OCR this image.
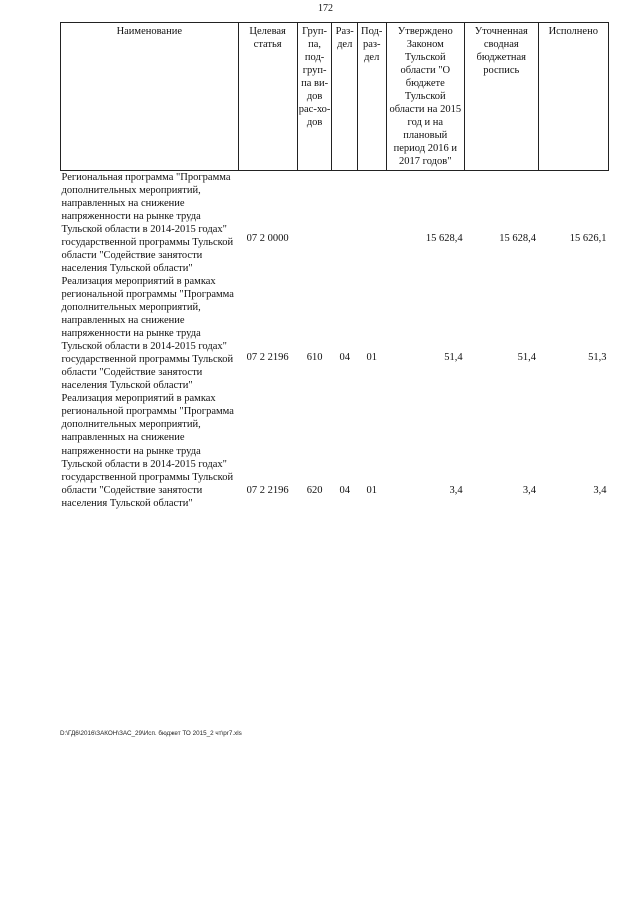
172
Наименование	Целевая статья	Груп-па, под-груп-па ви-дов рас-хо-дов	Раз-дел	Под-раз-дел	Утверждено Законом Тульской области "О бюджете Тульской области на 2015 год и на плановый период 2016 и 2017 годов"	Уточненная сводная бюджетная роспись	Исполнено
Региональная программа "Программа дополнительных мероприятий, направленных на снижение напряженности на рынке труда Тульской области в 2014-2015 годах" государственной программы Тульской области "Содействие занятости населения Тульской области"	07 2 0000				15 628,4	15 628,4	15 626,1
Реализация мероприятий в рамках региональной программы "Программа дополнительных мероприятий, направленных на снижение напряженности на рынке труда Тульской области в 2014-2015 годах" государственной программы Тульской области "Содействие занятости населения Тульской области"	07 2 2196	610	04	01	51,4	51,4	51,3
Реализация мероприятий в рамках региональной программы "Программа дополнительных мероприятий, направленных на снижение напряженности на рынке труда Тульской области в 2014-2015 годах" государственной программы Тульской области "Содействие занятости населения Тульской области"	07 2 2196	620	04	01	3,4	3,4	3,4
D:\ГД6\2016\ЗАКОН\ЗАС_29\Исп. бюджет ТО 2015_2 чт\pr7.xls
